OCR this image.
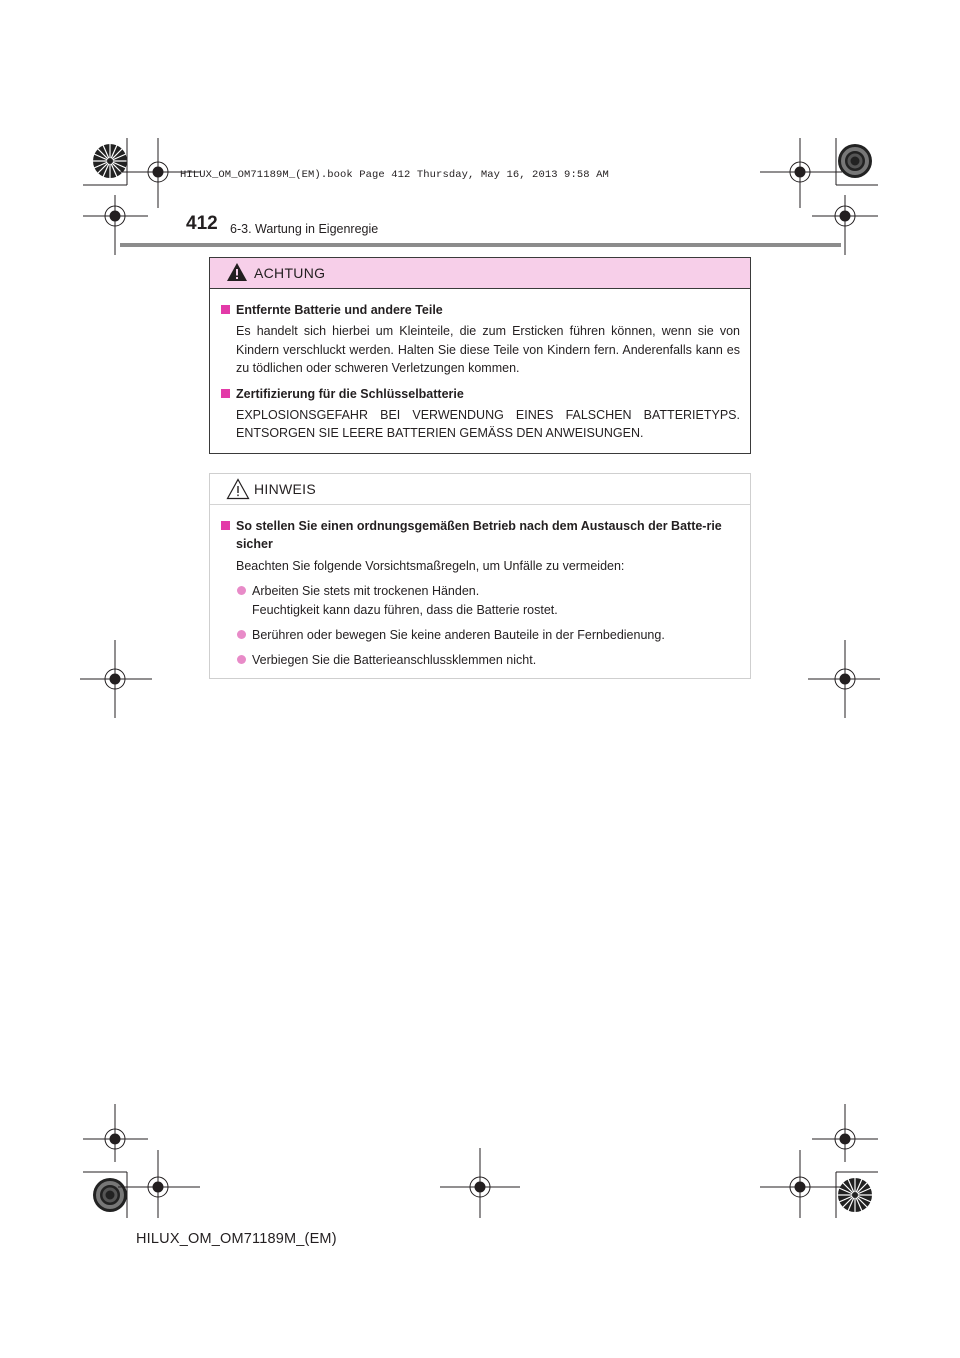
HILUX_OM_OM71189M_(EM).book Page 412 Thursday, May 16, 2013 9:58 AM
412 6-3. Wartung in Eigenregie
ACHTUNG
Entfernte Batterie und andere Teile
Es handelt sich hierbei um Kleinteile, die zum Ersticken führen können, wenn sie von Kindern verschluckt werden. Halten Sie diese Teile von Kindern fern. Anderenfalls kann es zu tödlichen oder schweren Verletzungen kommen.
Zertifizierung für die Schlüsselbatterie
EXPLOSIONSGEFAHR BEI VERWENDUNG EINES FALSCHEN BATTERIETYPS. ENTSORGEN SIE LEERE BATTERIEN GEMÄSS DEN ANWEISUNGEN.
HINWEIS
So stellen Sie einen ordnungsgemäßen Betrieb nach dem Austausch der Batte-rie sicher
Beachten Sie folgende Vorsichtsmaßregeln, um Unfälle zu vermeiden:
Arbeiten Sie stets mit trockenen Händen.
Feuchtigkeit kann dazu führen, dass die Batterie rostet.
Berühren oder bewegen Sie keine anderen Bauteile in der Fernbedienung.
Verbiegen Sie die Batterieanschlussklemmen nicht.
HILUX_OM_OM71189M_(EM)
